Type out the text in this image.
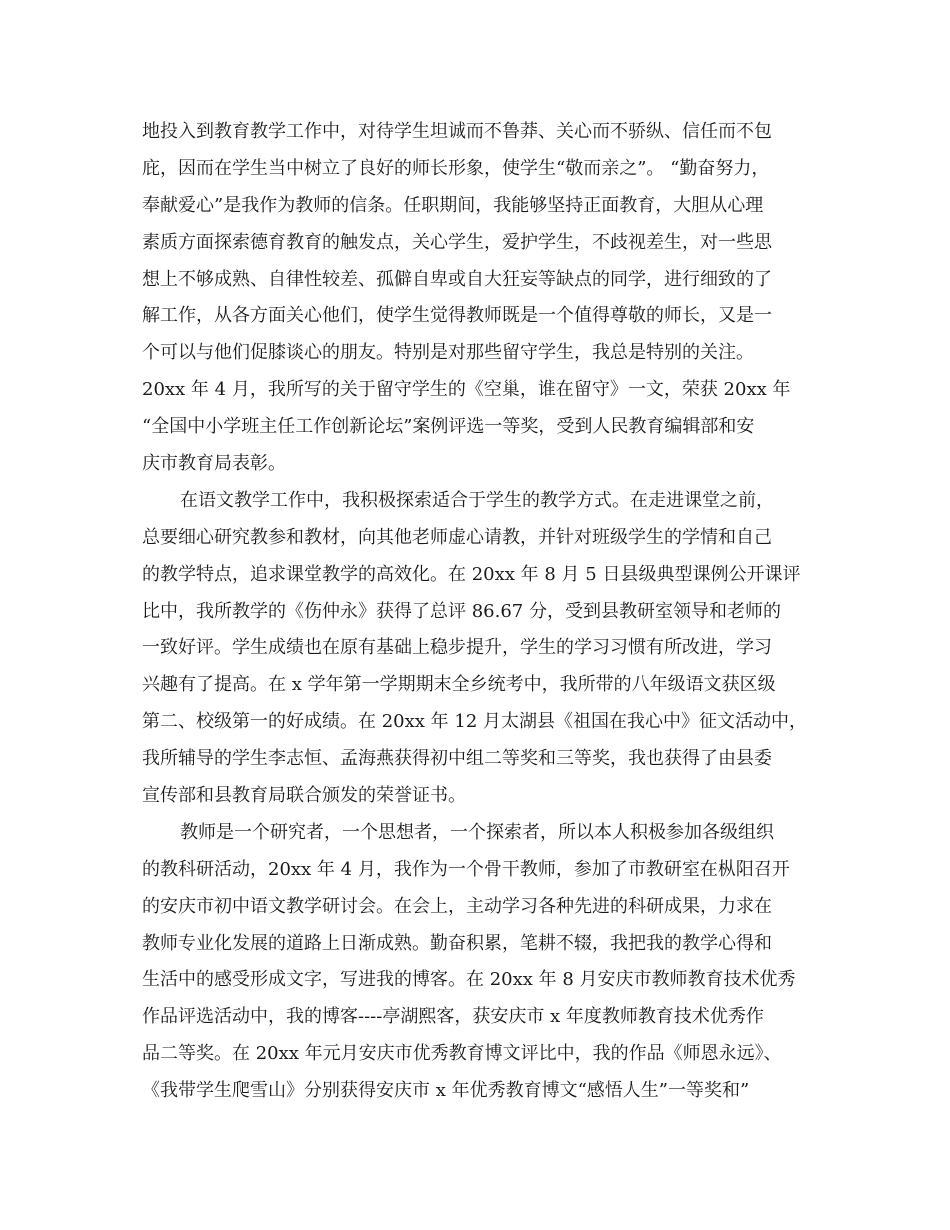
地投入到教育教学工作中，对待学生坦诚而不鲁莽、关心而不骄纵、信任而不包
庇，因而在学生当中树立了良好的师长形象，使学生“敬而亲之”。 “勤奋努力，
奉献爱心”是我作为教师的信条。任职期间，我能够坚持正面教育，大胆从心理
素质方面探索德育教育的触发点，关心学生，爱护学生，不歧视差生，对一些思
想上不够成熟、自律性较差、孤僻自卑或自大狂妄等缺点的同学，进行细致的了
解工作，从各方面关心他们，使学生觉得教师既是一个值得尊敬的师长，又是一
个可以与他们促膝谈心的朋友。特别是对那些留守学生，我总是特别的关注。
20xx 年 4 月，我所写的关于留守学生的《空巢，谁在留守》一文，荣获 20xx 年
“全国中小学班主任工作创新论坛”案例评选一等奖，受到人民教育编辑部和安
庆市教育局表彰。
在语文教学工作中，我积极探索适合于学生的教学方式。在走进课堂之前，
总要细心研究教参和教材，向其他老师虚心请教，并针对班级学生的学情和自己
的教学特点，追求课堂教学的高效化。在 20xx 年 8 月 5 日县级典型课例公开课评
比中，我所教学的《伤仲永》获得了总评 86.67 分，受到县教研室领导和老师的
一致好评。学生成绩也在原有基础上稳步提升，学生的学习习惯有所改进，学习
兴趣有了提高。在 x 学年第一学期期末全乡统考中，我所带的八年级语文获区级
第二、校级第一的好成绩。在 20xx 年 12 月太湖县《祖国在我心中》征文活动中，
我所辅导的学生李志恒、孟海燕获得初中组二等奖和三等奖，我也获得了由县委
宣传部和县教育局联合颁发的荣誉证书。
教师是一个研究者，一个思想者，一个探索者，所以本人积极参加各级组织
的教科研活动，20xx 年 4 月，我作为一个骨干教师，参加了市教研室在枞阳召开
的安庆市初中语文教学研讨会。在会上，主动学习各种先进的科研成果，力求在
教师专业化发展的道路上日渐成熟。勤奋积累，笔耕不辍，我把我的教学心得和
生活中的感受形成文字，写进我的博客。在 20xx 年 8 月安庆市教师教育技术优秀
作品评选活动中，我的博客----亭湖熙客，获安庆市 x 年度教师教育技术优秀作
品二等奖。在 20xx 年元月安庆市优秀教育博文评比中，我的作品《师恩永远》、
《我带学生爬雪山》分别获得安庆市 x 年优秀教育博文“感悟人生”一等奖和”
